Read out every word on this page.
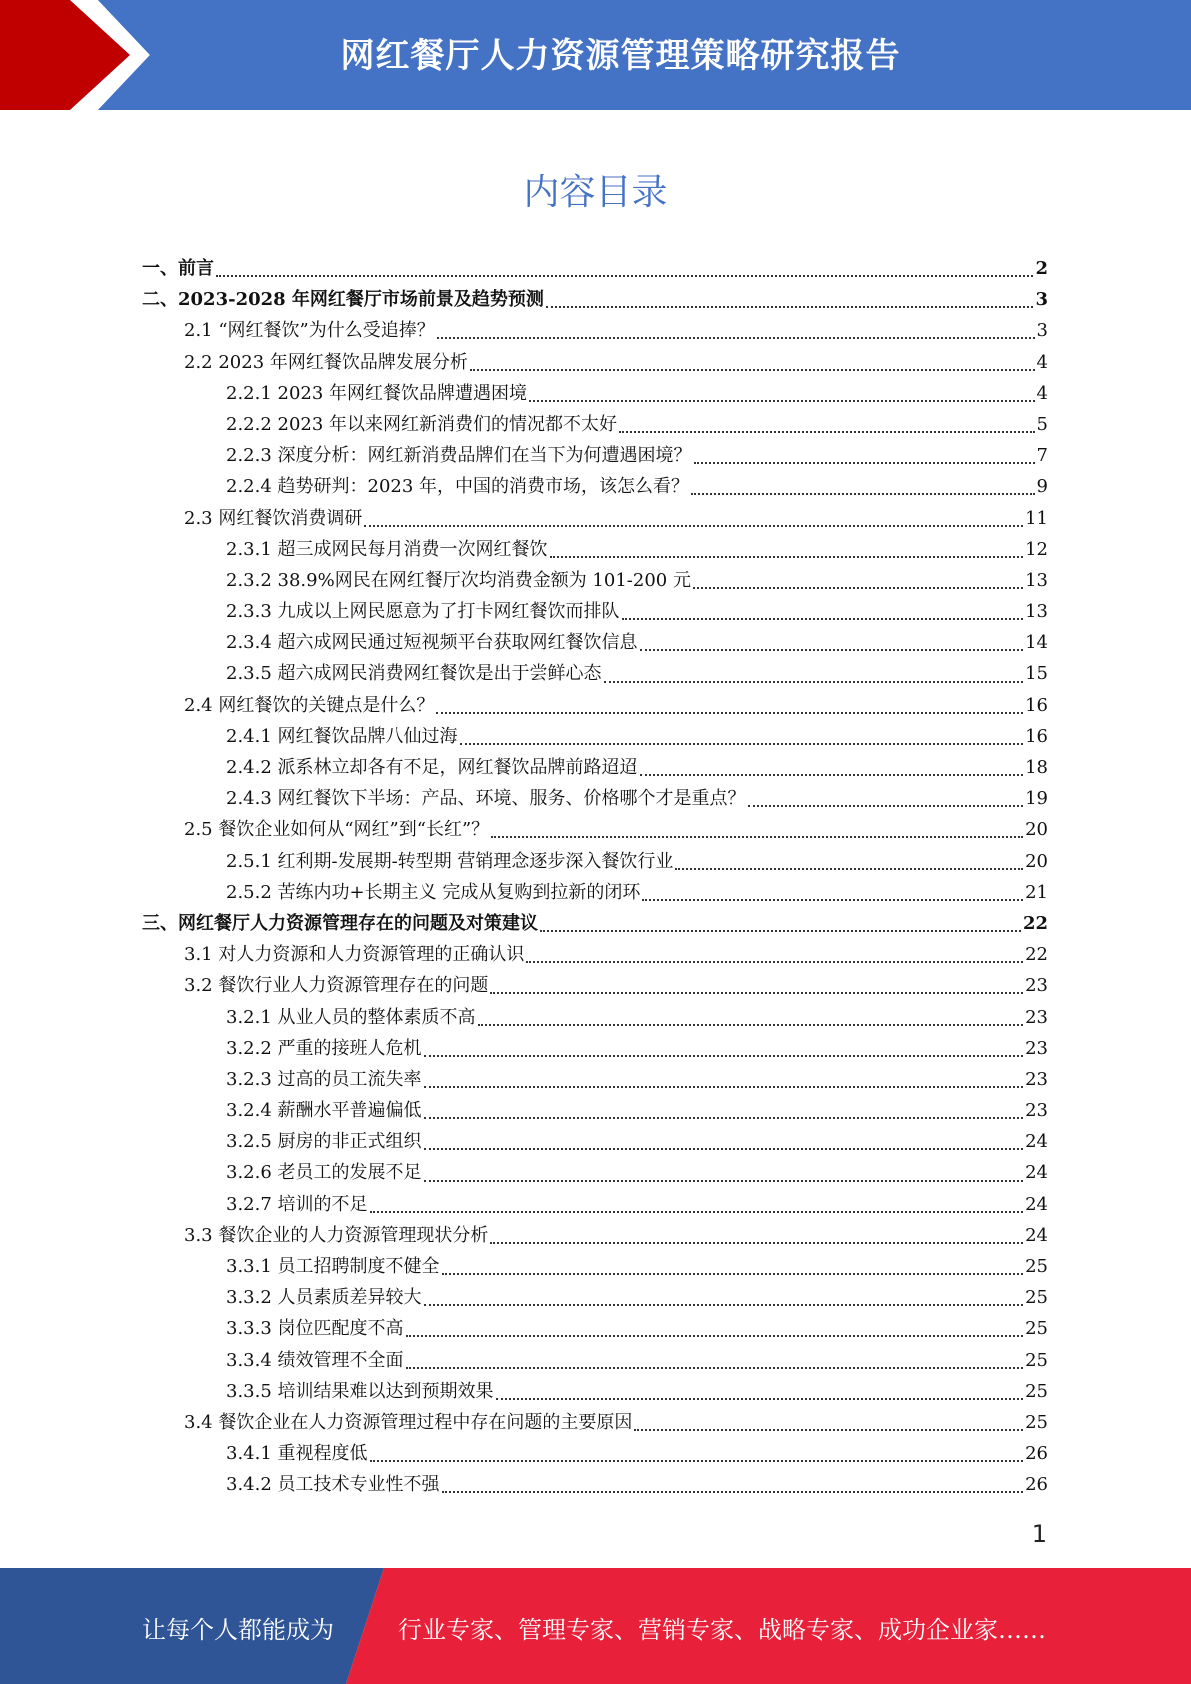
网红餐厅人力资源管理策略研究报告
内容目录
一、前言	2
二、2023-2028 年网红餐厅市场前景及趋势预测	3
2.1 “网红餐饮”为什么受追捧？	3
2.2 2023 年网红餐饮品牌发展分析	4
2.2.1 2023 年网红餐饮品牌遭遇困境	4
2.2.2 2023 年以来网红新消费们的情况都不太好	5
2.2.3 深度分析：网红新消费品牌们在当下为何遭遇困境？	7
2.2.4 趋势研判：2023 年，中国的消费市场，该怎么看？	9
2.3 网红餐饮消费调研	11
2.3.1 超三成网民每月消费一次网红餐饮	12
2.3.2 38.9%网民在网红餐厅次均消费金额为 101-200 元	13
2.3.3 九成以上网民愿意为了打卡网红餐饮而排队	13
2.3.4 超六成网民通过短视频平台获取网红餐饮信息	14
2.3.5 超六成网民消费网红餐饮是出于尝鲜心态	15
2.4 网红餐饮的关键点是什么？	16
2.4.1 网红餐饮品牌八仙过海	16
2.4.2 派系林立却各有不足，网红餐饮品牌前路迢迢	18
2.4.3 网红餐饮下半场：产品、环境、服务、价格哪个才是重点？	19
2.5 餐饮企业如何从“网红”到“长红”？	20
2.5.1 红利期-发展期-转型期 营销理念逐步深入餐饮行业	20
2.5.2 苦练内功+长期主义 完成从复购到拉新的闭环	21
三、网红餐厅人力资源管理存在的问题及对策建议	22
3.1 对人力资源和人力资源管理的正确认识	22
3.2 餐饮行业人力资源管理存在的问题	23
3.2.1 从业人员的整体素质不高	23
3.2.2 严重的接班人危机	23
3.2.3 过高的员工流失率	23
3.2.4 薪酬水平普遍偏低	23
3.2.5 厨房的非正式组织	24
3.2.6 老员工的发展不足	24
3.2.7 培训的不足	24
3.3 餐饮企业的人力资源管理现状分析	24
3.3.1 员工招聘制度不健全	25
3.3.2 人员素质差异较大	25
3.3.3 岗位匹配度不高	25
3.3.4 绩效管理不全面	25
3.3.5 培训结果难以达到预期效果	25
3.4 餐饮企业在人力资源管理过程中存在问题的主要原因	25
3.4.1 重视程度低	26
3.4.2 员工技术专业性不强	26
1
让每个人都能成为	行业专家、管理专家、营销专家、战略专家、成功企业家……
